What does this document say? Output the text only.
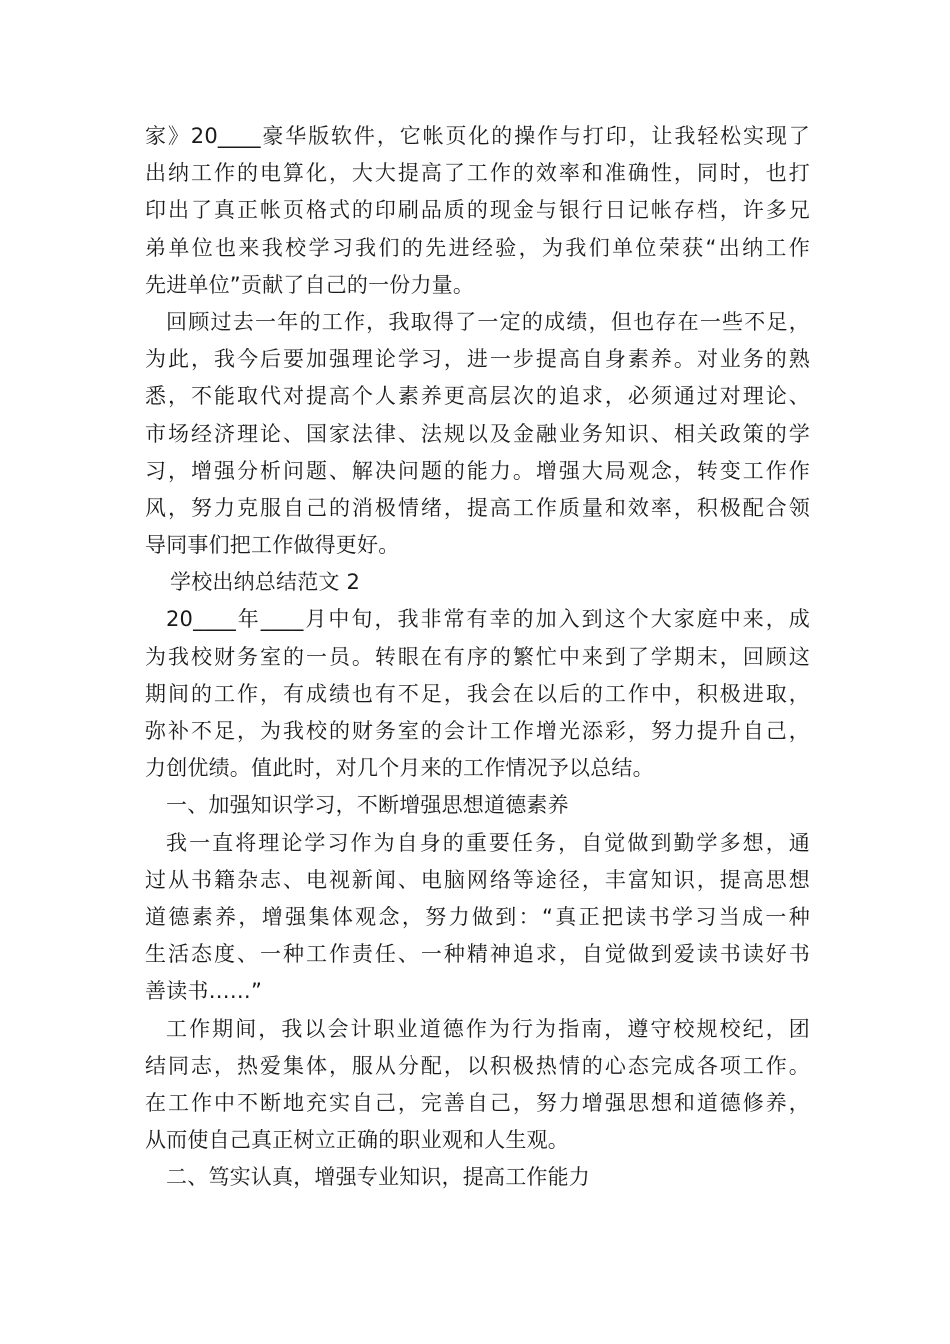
家》20____豪华版软件，它帐页化的操作与打印，让我轻松实现了
出纳工作的电算化，大大提高了工作的效率和准确性，同时，也打
印出了真正帐页格式的印刷品质的现金与银行日记帐存档，许多兄
弟单位也来我校学习我们的先进经验，为我们单位荣获“出纳工作
先进单位”贡献了自己的一份力量。
回顾过去一年的工作，我取得了一定的成绩，但也存在一些不足，
为此，我今后要加强理论学习，进一步提高自身素养。对业务的熟
悉，不能取代对提高个人素养更高层次的追求，必须通过对理论、
市场经济理论、国家法律、法规以及金融业务知识、相关政策的学
习，增强分析问题、解决问题的能力。增强大局观念，转变工作作
风，努力克服自己的消极情绪，提高工作质量和效率，积极配合领
导同事们把工作做得更好。
学校出纳总结范文 2
20____年____月中旬，我非常有幸的加入到这个大家庭中来，成
为我校财务室的一员。转眼在有序的繁忙中来到了学期末，回顾这
期间的工作，有成绩也有不足，我会在以后的工作中，积极进取，
弥补不足，为我校的财务室的会计工作增光添彩，努力提升自己，
力创优绩。值此时，对几个月来的工作情况予以总结。
一、加强知识学习，不断增强思想道德素养
我一直将理论学习作为自身的重要任务，自觉做到勤学多想，通
过从书籍杂志、电视新闻、电脑网络等途径，丰富知识，提高思想
道德素养，增强集体观念，努力做到：“真正把读书学习当成一种
生活态度、一种工作责任、一种精神追求，自觉做到爱读书读好书
善读书……”
工作期间，我以会计职业道德作为行为指南，遵守校规校纪，团
结同志，热爱集体，服从分配，以积极热情的心态完成各项工作。
在工作中不断地充实自己，完善自己，努力增强思想和道德修养，
从而使自己真正树立正确的职业观和人生观。
二、笃实认真，增强专业知识，提高工作能力
